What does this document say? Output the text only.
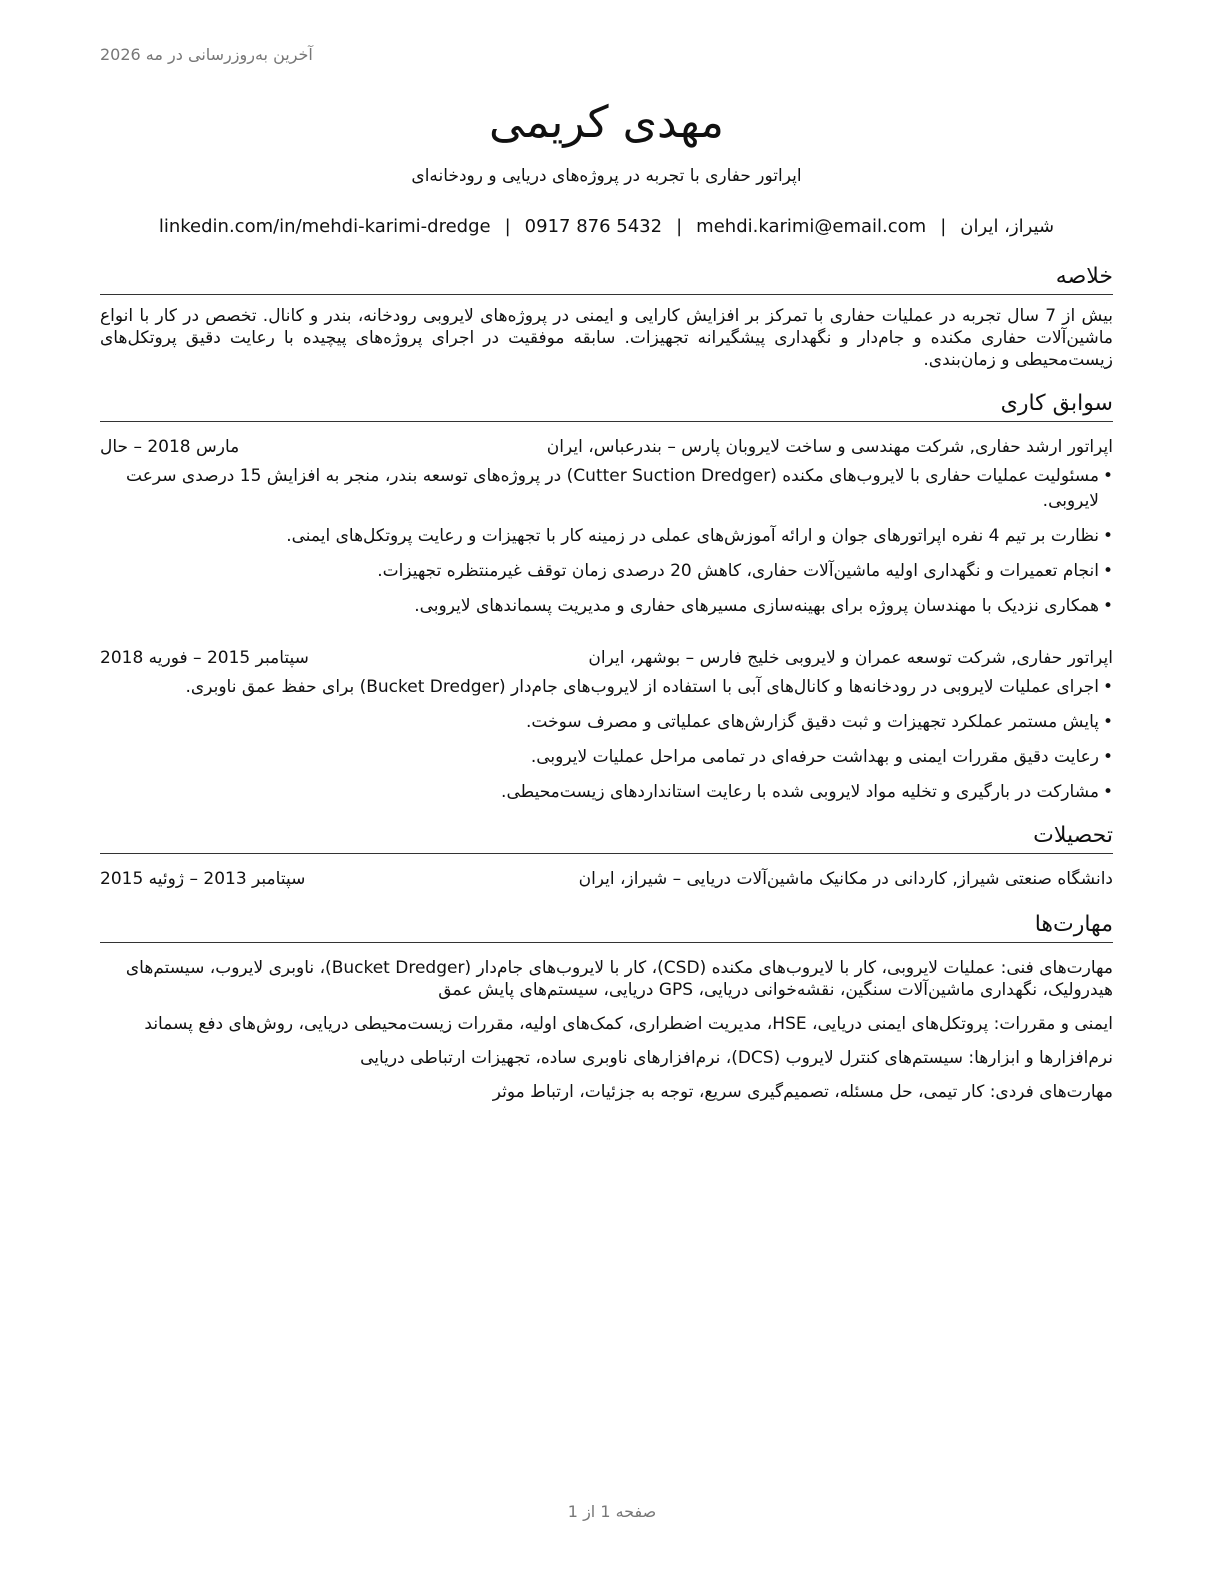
آخرین به‌روزرسانی در مه 2026
مهدی کریمی
اپراتور حفاری با تجربه در پروژه‌های دریایی و رودخانه‌ای
شیراز، ایران|mehdi.karimi@email.com|0917 876 5432|linkedin.com/in/mehdi-karimi-dredge
خلاصه
بیش از 7 سال تجربه در عملیات حفاری با تمرکز بر افزایش کارایی و ایمنی در پروژه‌های لایروبی رودخانه، بندر و کانال. تخصص در کار با انواع ماشین‌آلات حفاری مکنده و جام‌دار و نگهداری پیشگیرانه تجهیزات. سابقه موفقیت در اجرای پروژه‌های پیچیده با رعایت دقیق پروتکل‌های زیست‌محیطی و زمان‌بندی.
سوابق کاری
اپراتور ارشد حفاری, شرکت مهندسی و ساخت لایروبان پارس – بندرعباس، ایران
مارس 2018 – حال
• مسئولیت عملیات حفاری با لایروب‌های مکنده (Cutter Suction Dredger) در پروژه‌های توسعه بندر، منجر به افزایش 15 درصدی سرعت لایروبی.
• نظارت بر تیم 4 نفره اپراتورهای جوان و ارائه آموزش‌های عملی در زمینه کار با تجهیزات و رعایت پروتکل‌های ایمنی.
• انجام تعمیرات و نگهداری اولیه ماشین‌آلات حفاری، کاهش 20 درصدی زمان توقف غیرمنتظره تجهیزات.
• همکاری نزدیک با مهندسان پروژه برای بهینه‌سازی مسیرهای حفاری و مدیریت پسماندهای لایروبی.
اپراتور حفاری, شرکت توسعه عمران و لایروبی خلیج فارس – بوشهر، ایران
سپتامبر 2015 – فوریه 2018
• اجرای عملیات لایروبی در رودخانه‌ها و کانال‌های آبی با استفاده از لایروب‌های جام‌دار (Bucket Dredger) برای حفظ عمق ناوبری.
• پایش مستمر عملکرد تجهیزات و ثبت دقیق گزارش‌های عملیاتی و مصرف سوخت.
• رعایت دقیق مقررات ایمنی و بهداشت حرفه‌ای در تمامی مراحل عملیات لایروبی.
• مشارکت در بارگیری و تخلیه مواد لایروبی شده با رعایت استانداردهای زیست‌محیطی.
تحصیلات
دانشگاه صنعتی شیراز, کاردانی در مکانیک ماشین‌آلات دریایی – شیراز، ایران
سپتامبر 2013 – ژوئیه 2015
مهارت‌ها
مهارت‌های فنی: عملیات لایروبی، کار با لایروب‌های مکنده (CSD)، کار با لایروب‌های جام‌دار (Bucket Dredger)، ناوبری لایروب، سیستم‌های هیدرولیک، نگهداری ماشین‌آلات سنگین، نقشه‌خوانی دریایی، GPS دریایی، سیستم‌های پایش عمق
ایمنی و مقررات: پروتکل‌های ایمنی دریایی، HSE، مدیریت اضطراری، کمک‌های اولیه، مقررات زیست‌محیطی دریایی، روش‌های دفع پسماند
نرم‌افزارها و ابزارها: سیستم‌های کنترل لایروب (DCS)، نرم‌افزارهای ناوبری ساده، تجهیزات ارتباطی دریایی
مهارت‌های فردی: کار تیمی، حل مسئله، تصمیم‌گیری سریع، توجه به جزئیات، ارتباط موثر
صفحه 1 از 1
